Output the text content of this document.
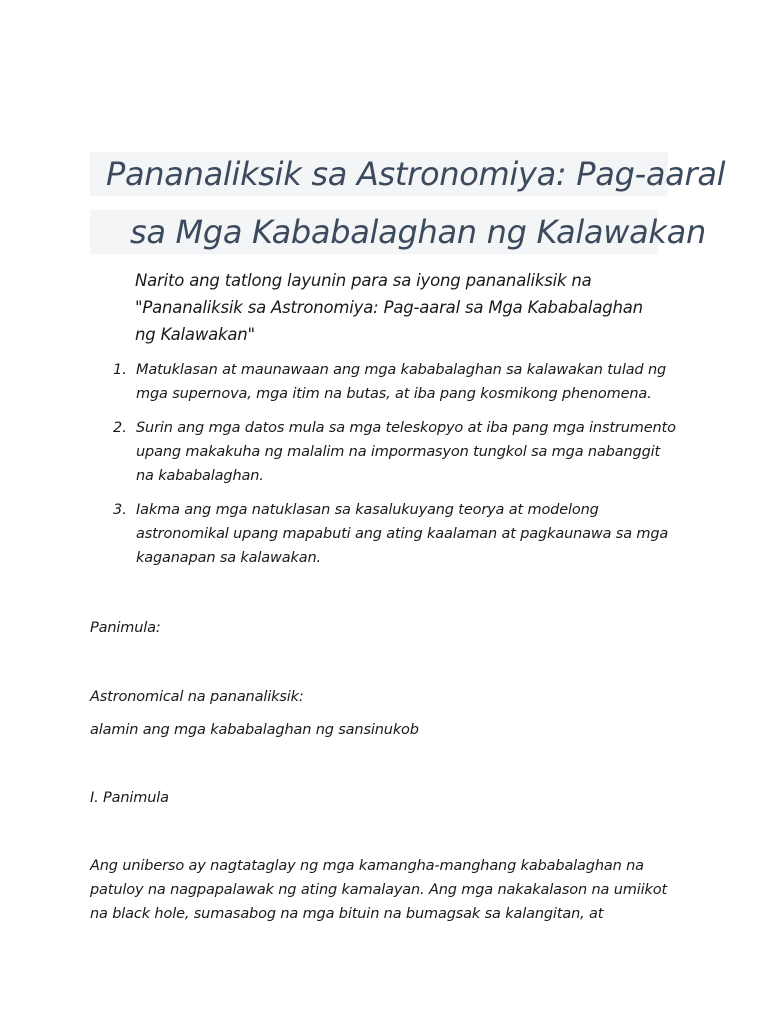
Pananaliksik sa Astronomiya: Pag-aaral
sa Mga Kababalaghan ng Kalawakan
Narito ang tatlong layunin para sa iyong pananaliksik na
"Pananaliksik sa Astronomiya: Pag-aaral sa Mga Kababalaghan
ng Kalawakan"
1. Matuklasan at maunawaan ang mga kababalaghan sa kalawakan tulad ng
mga supernova, mga itim na butas, at iba pang kosmikong phenomena.
2. Surin ang mga datos mula sa mga teleskopyo at iba pang mga instrumento
upang makakuha ng malalim na impormasyon tungkol sa mga nabanggit
na kababalaghan.
3. Iakma ang mga natuklasan sa kasalukuyang teorya at modelong
astronomikal upang mapabuti ang ating kaalaman at pagkaunawa sa mga
kaganapan sa kalawakan.
Panimula:
Astronomical na pananaliksik:
alamin ang mga kababalaghan ng sansinukob
I. Panimula
Ang uniberso ay nagtataglay ng mga kamangha-manghang kababalaghan na
patuloy na nagpapalawak ng ating kamalayan. Ang mga nakakalason na umiikot
na black hole, sumasabog na mga bituin na bumagsak sa kalangitan, at
